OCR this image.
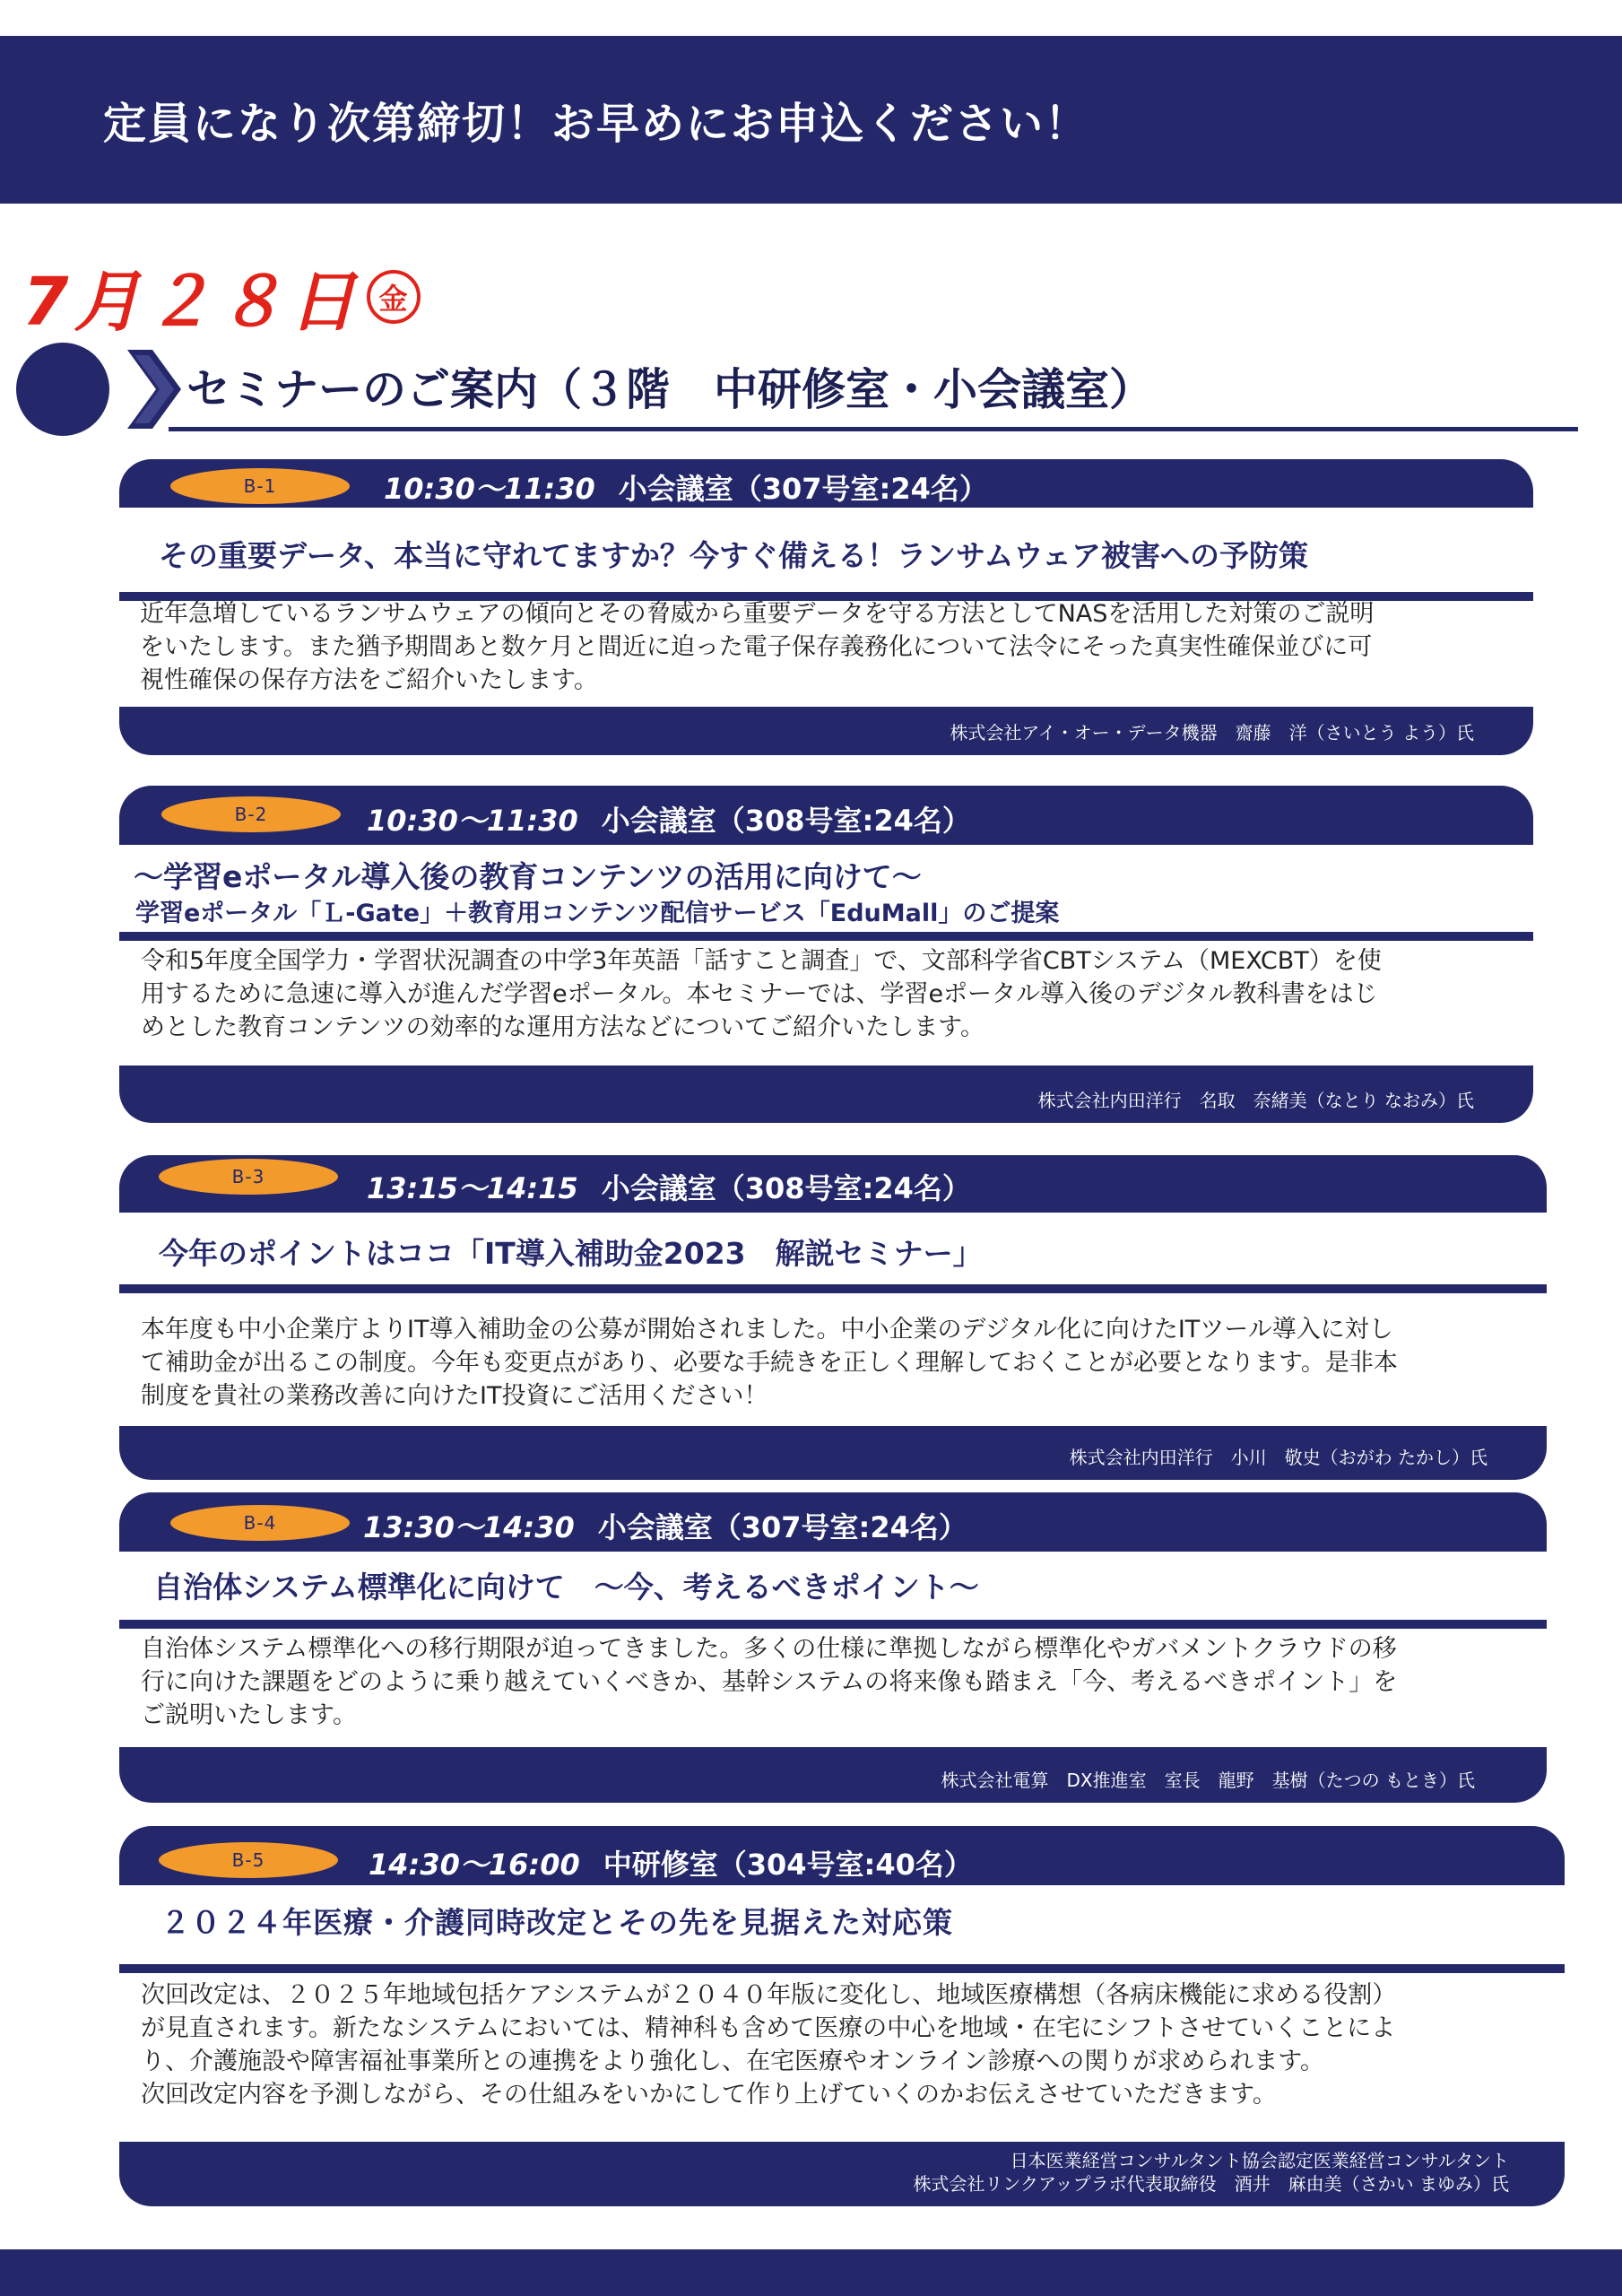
定員になり次第締切！お早めにお申込ください！
7月２８日 金
セミナーのご案内（３階　中研修室・小会議室）
B-1	10:30～11:30 小会議室（307号室:24名）
その重要データ、本当に守れてますか？今すぐ備える！ランサムウェア被害への予防策
近年急増しているランサムウェアの傾向とその脅威から重要データを守る方法としてNASを活用した対策のご説明
をいたします。また猶予期間あと数ケ月と間近に迫った電子保存義務化について法令にそった真実性確保並びに可
視性確保の保存方法をご紹介いたします。
株式会社アイ・オー・データ機器　齋藤　洋（さいとう よう）氏
B-2	10:30～11:30 小会議室（308号室:24名）
～学習eポータル導入後の教育コンテンツの活用に向けて～
学習eポータル「Ｌ-Gate」＋教育用コンテンツ配信サービス「EduMall」のご提案
令和5年度全国学力・学習状況調査の中学3年英語「話すこと調査」で、文部科学省CBTシステム（MEXCBT）を使
用するために急速に導入が進んだ学習eポータル。本セミナーでは、学習eポータル導入後のデジタル教科書をはじ
めとした教育コンテンツの効率的な運用方法などについてご紹介いたします。
株式会社内田洋行　名取　奈緒美（なとり なおみ）氏
B-3	13:15～14:15 小会議室（308号室:24名）
今年のポイントはココ「IT導入補助金2023　解説セミナー」
本年度も中小企業庁よりIT導入補助金の公募が開始されました。中小企業のデジタル化に向けたITツール導入に対し
て補助金が出るこの制度。今年も変更点があり、必要な手続きを正しく理解しておくことが必要となります。是非本
制度を貴社の業務改善に向けたIT投資にご活用ください！
株式会社内田洋行　小川　敬史（おがわ たかし）氏
B-4	13:30～14:30 小会議室（307号室:24名）
自治体システム標準化に向けて　～今、考えるべきポイント～
自治体システム標準化への移行期限が迫ってきました。多くの仕様に準拠しながら標準化やガバメントクラウドの移
行に向けた課題をどのように乗り越えていくべきか、基幹システムの将来像も踏まえ「今、考えるべきポイント」を
ご説明いたします。
株式会社電算　DX推進室　室長　龍野　基樹（たつの もとき）氏
B-5	14:30～16:00 中研修室（304号室:40名）
２０２４年医療・介護同時改定とその先を見据えた対応策
次回改定は、２０２５年地域包括ケアシステムが２０４０年版に変化し、地域医療構想（各病床機能に求める役割）
が見直されます。新たなシステムにおいては、精神科も含めて医療の中心を地域・在宅にシフトさせていくことによ
り、介護施設や障害福祉事業所との連携をより強化し、在宅医療やオンライン診療への関りが求められます。
次回改定内容を予測しながら、その仕組みをいかにして作り上げていくのかお伝えさせていただきます。
日本医業経営コンサルタント協会認定医業経営コンサルタント
株式会社リンクアップラボ代表取締役　酒井　麻由美（さかい まゆみ）氏
